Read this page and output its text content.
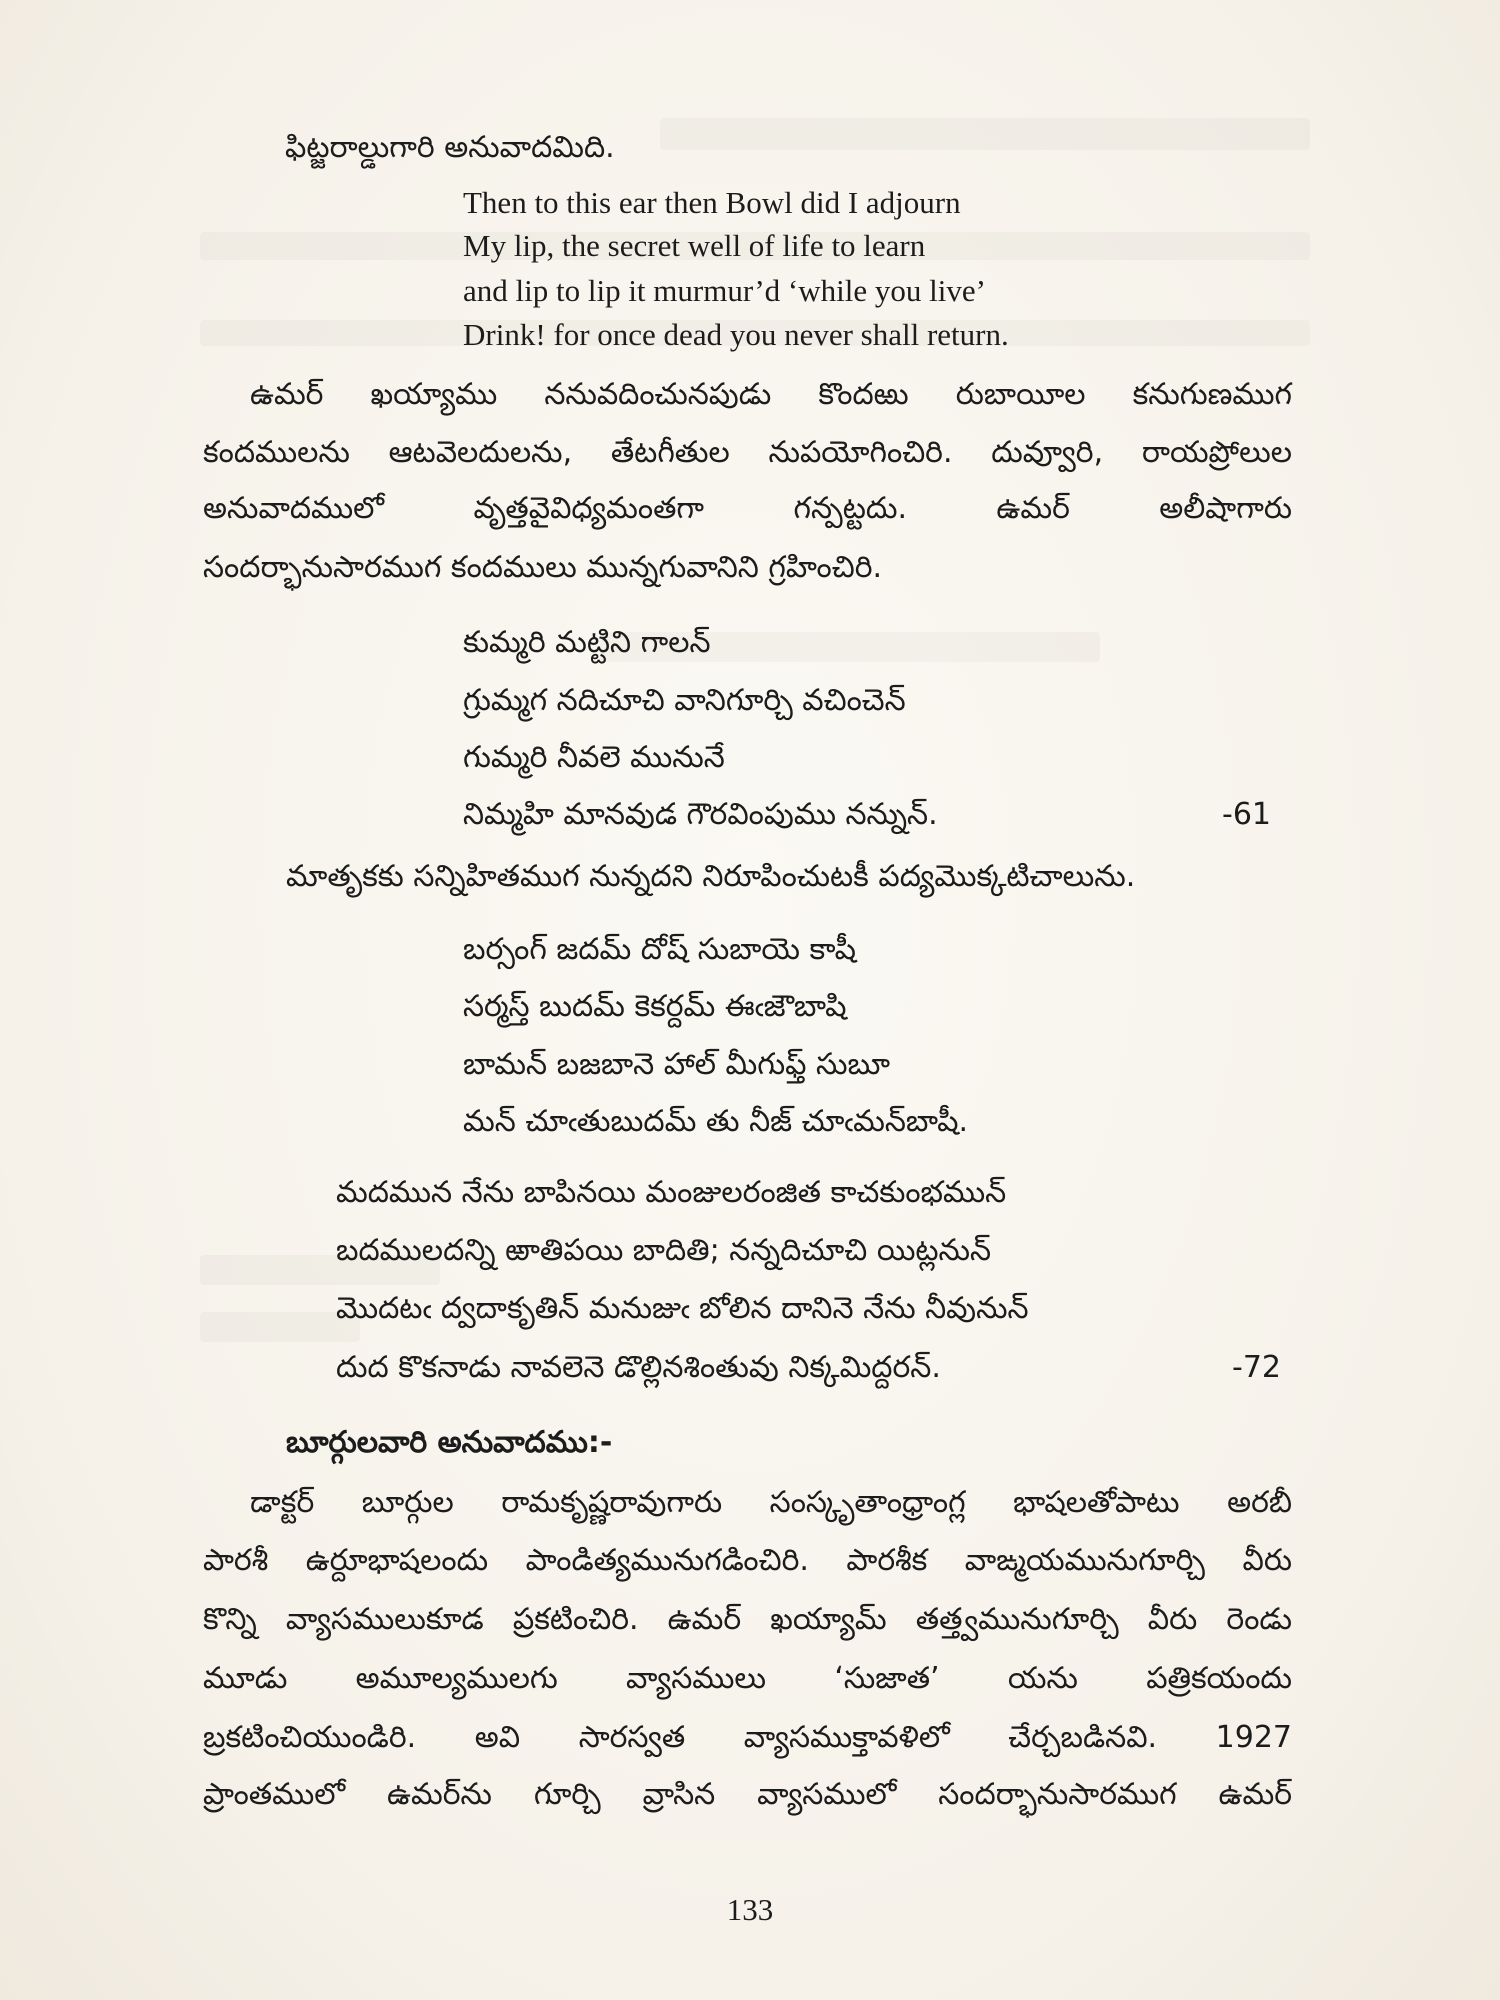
ఫిట్జరాల్డుగారి అనువాదమిది.
Then to this ear then Bowl did I adjourn
My lip, the secret well of life to learn
and lip to lip it murmur’d ‘while you live’
Drink! for once dead you never shall return.
ఉమర్ ఖయ్యాము ననువదించునపుడు కొందఱు రుబాయీల కనుగుణముగ
కందములను ఆటవెలదులను, తేటగీతుల నుపయోగించిరి. దువ్వూరి, రాయప్రోలుల
అనువాదములో వృత్తవైవిధ్యమంతగా గన్పట్టదు. ఉమర్ అలీషాగారు
సందర్భానుసారముగ కందములు మున్నగువానిని గ్రహించిరి.
కుమ్మరి మట్టిని గాలన్
గ్రుమ్మగ నదిచూచి వానిగూర్చి వచించెన్
గుమ్మరి నీవలె మునునే
నిమ్మహి మానవుడ గౌరవింపుము నన్నున్.	-61
మాతృకకు సన్నిహితముగ నున్నదని నిరూపించుటకీ పద్యమొక్కటిచాలును.
బర్సంగ్ జదమ్ దోష్ సుబాయె కాషీ
సర్మస్త్ బుదమ్ కెకర్దమ్ ఈఁజౌబాషి
బామన్ బజబానె హాల్ మీగుఫ్త్ సుబూ
మన్ చూఁతుబుదమ్ తు నీజ్ చూఁమన్‌బాషీ.
మదమున నేను బాపినయి మంజులరంజిత కాచకుంభమున్
బదములదన్ని ఱాతిపయి బాదితి; నన్నదిచూచి యిట్లనున్
మొదటఁ ద్వదాకృతిన్ మనుజుఁ బోలిన దానినె నేను నీవునున్
దుద కొకనాడు నావలెనె డొల్లినశింతువు నిక్కమిద్దరన్.	-72
బూర్గులవారి అనువాదము:-
డాక్టర్ బూర్గుల రామకృష్ణరావుగారు సంస్కృతాంధ్రాంగ్ల భాషలతోపాటు అరబీ
పారశీ ఉర్దూభాషలందు పాండిత్యమునుగడించిరి. పారశీక వాఙ్మయమునుగూర్చి వీరు
కొన్ని వ్యాసములుకూడ ప్రకటించిరి. ఉమర్ ఖయ్యామ్ తత్త్వమునుగూర్చి వీరు రెండు
మూడు అమూల్యములగు వ్యాసములు ‘సుజాత’ యను పత్రికయందు
బ్రకటించియుండిరి. అవి సారస్వత వ్యాసముక్తావళిలో చేర్చబడినవి. 1927
ప్రాంతములో ఉమర్‌ను గూర్చి వ్రాసిన వ్యాసములో సందర్భానుసారముగ ఉమర్
133
